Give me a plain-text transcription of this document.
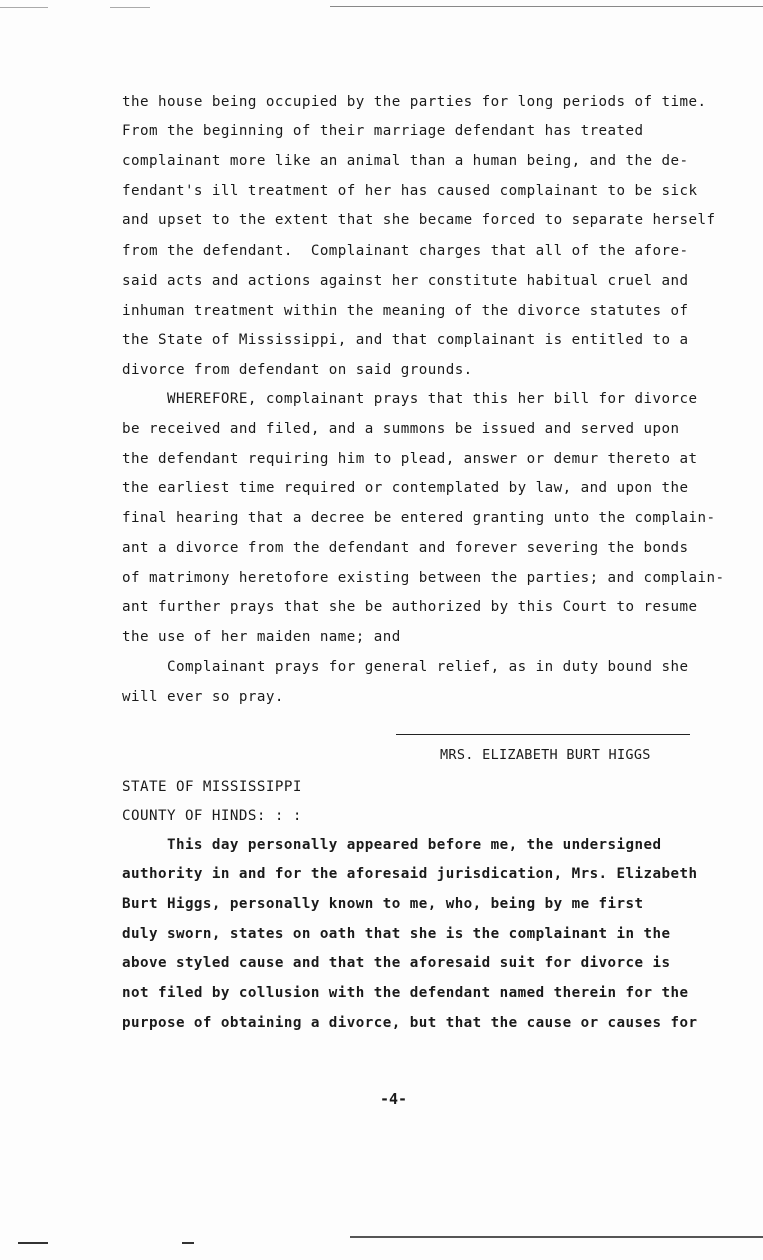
the house being occupied by the parties for long periods of time.
From the beginning of their marriage defendant has treated
complainant more like an animal than a human being, and the de-
fendant's ill treatment of her has caused complainant to be sick
and upset to the extent that she became forced to separate herself
from the defendant.  Complainant charges that all of the afore-
said acts and actions against her constitute habitual cruel and
inhuman treatment within the meaning of the divorce statutes of
the State of Mississippi, and that complainant is entitled to a
divorce from defendant on said grounds.
WHEREFORE, complainant prays that this her bill for divorce
be received and filed, and a summons be issued and served upon
the defendant requiring him to plead, answer or demur thereto at
the earliest time required or contemplated by law, and upon the
final hearing that a decree be entered granting unto the complain-
ant a divorce from the defendant and forever severing the bonds
of matrimony heretofore existing between the parties; and complain-
ant further prays that she be authorized by this Court to resume
the use of her maiden name; and
Complainant prays for general relief, as in duty bound she
will ever so pray.
MRS. ELIZABETH BURT HIGGS
STATE OF MISSISSIPPI
COUNTY OF HINDS: : :
This day personally appeared before me, the undersigned
authority in and for the aforesaid jurisdication, Mrs. Elizabeth
Burt Higgs, personally known to me, who, being by me first
duly sworn, states on oath that she is the complainant in the
above styled cause and that the aforesaid suit for divorce is
not filed by collusion with the defendant named therein for the
purpose of obtaining a divorce, but that the cause or causes for
-4-
